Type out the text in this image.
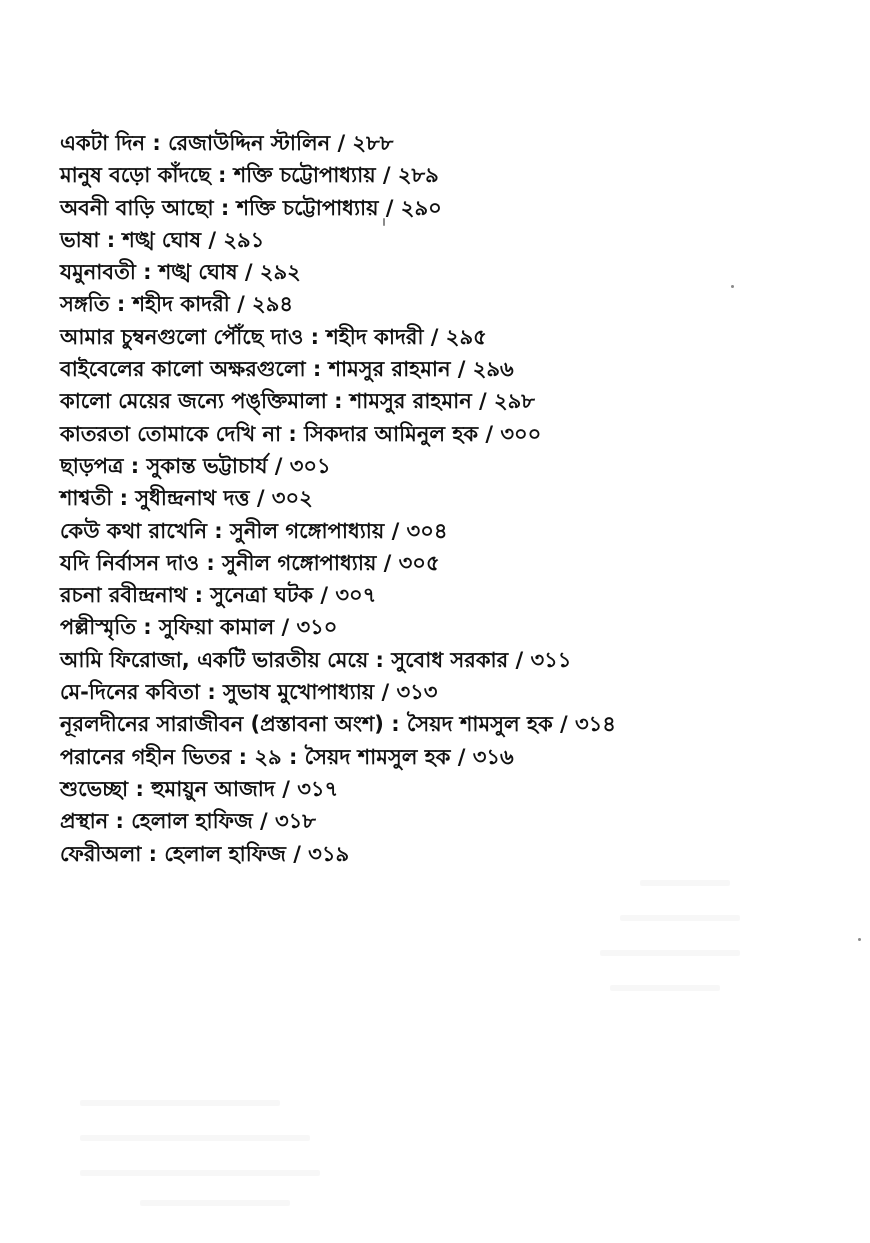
একটা দিন : রেজাউদ্দিন স্টালিন / ২৮৮
মানুষ বড়ো কাঁদছে : শক্তি চট্টোপাধ্যায় / ২৮৯
অবনী বাড়ি আছো : শক্তি চট্টোপাধ্যায় / ২৯০
ভাষা : শঙ্খ ঘোষ / ২৯১
যমুনাবতী : শঙ্খ ঘোষ / ২৯২
সঙ্গতি : শহীদ কাদরী / ২৯৪
আমার চুম্বনগুলো পৌঁছে দাও : শহীদ কাদরী / ২৯৫
বাইবেলের কালো অক্ষরগুলো : শামসুর রাহমান / ২৯৬
কালো মেয়ের জন্যে পঙ্‌ক্তিমালা : শামসুর রাহমান / ২৯৮
কাতরতা তোমাকে দেখি না : সিকদার আমিনুল হক / ৩০০
ছাড়পত্র : সুকান্ত ভট্টাচার্য / ৩০১
শাশ্বতী : সুধীন্দ্রনাথ দত্ত / ৩০২
কেউ কথা রাখেনি : সুনীল গঙ্গোপাধ্যায় / ৩০৪
যদি নির্বাসন দাও : সুনীল গঙ্গোপাধ্যায় / ৩০৫
রচনা রবীন্দ্রনাথ : সুনেত্রা ঘটক / ৩০৭
পল্লীস্মৃতি : সুফিয়া কামাল / ৩১০
আমি ফিরোজা, একটি ভারতীয় মেয়ে : সুবোধ সরকার / ৩১১
মে-দিনের কবিতা : সুভাষ মুখোপাধ্যায় / ৩১৩
নূরলদীনের সারাজীবন (প্রস্তাবনা অংশ) : সৈয়দ শামসুল হক / ৩১৪
পরানের গহীন ভিতর : ২৯ : সৈয়দ শামসুল হক / ৩১৬
শুভেচ্ছা : হুমায়ুন আজাদ / ৩১৭
প্রস্থান : হেলাল হাফিজ / ৩১৮
ফেরীঅলা : হেলাল হাফিজ / ৩১৯
